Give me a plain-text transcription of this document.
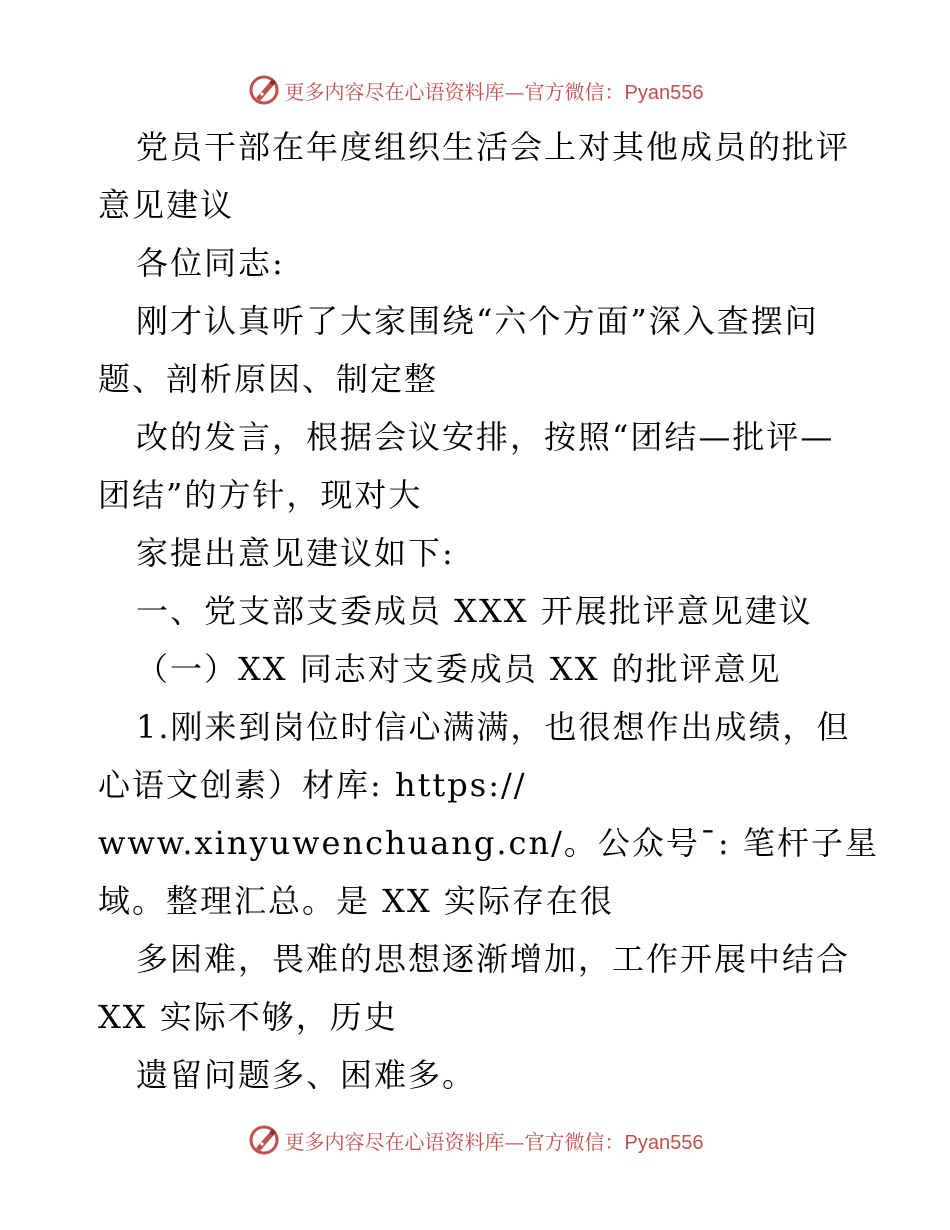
更多内容尽在心语资料库—官方微信：Pyan556
党员干部在年度组织生活会上对其他成员的批评
意见建议
各位同志:
刚才认真听了大家围绕“六个方面”深入查摆问
题、剖析原因、制定整
改的发言，根据会议安排，按照“团结—批评—
团结”的方针，现对大
家提出意见建议如下:
一、党支部支委成员 XXX 开展批评意见建议
（一）XX 同志对支委成员 XX 的批评意见
1.刚来到岗位时信心满满，也很想作出成绩，但
心语文创素）材库: https://
www.xinyuwenchuang.cn/。公众号¯: 笔杆子星
域。整理汇总。是 XX 实际存在很
多困难，畏难的思想逐渐增加，工作开展中结合
XX 实际不够，历史
遗留问题多、困难多。
更多内容尽在心语资料库—官方微信：Pyan556
